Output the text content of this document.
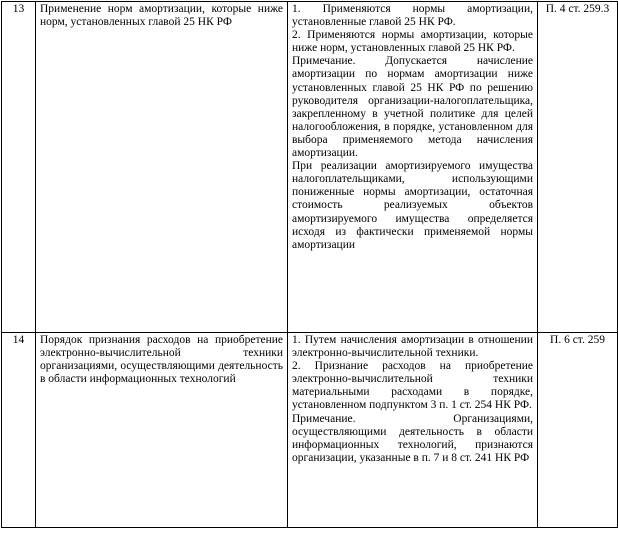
13	Применение норм амортизации, которые ниже норм, установленных главой 25 НК РФ	1. Применяются нормы амортизации, установленные главой 25 НК РФ.

2. Применяются нормы амортизации, которые ниже норм, установленных главой 25 НК РФ.

Примечание. Допускается начисление амортизации по нормам амортизации ниже установленных главой 25 НК РФ по решению руководителя организации-налогоплательщика, закрепленному в учетной политике для целей налогообложения, в порядке, установленном для выбора применяемого метода начисления амортизации.

При реализации амортизируемого имущества налогоплательщиками, использующими пониженные нормы амортизации, остаточная стоимость реализуемых объектов амортизируемого имущества определяется исходя из фактически применяемой нормы амортизации	П. 4 ст. 259.3
14	Порядок признания расходов на приобретение электронно-вычислительной техники организациями, осуществляющими деятельность в области информационных технологий	1. Путем начисления амортизации в отношении электронно-вычислительной техники.

2. Признание расходов на приобретение электронно-вычислительной техники материальными расходами в порядке, установленном подпунктом 3 п. 1 ст. 254 НК РФ.

Примечание. Организациями, осуществляющими деятельность в области информационных технологий, признаются организации, указанные в п. 7 и 8 ст. 241 НК РФ	П. 6 ст. 259
